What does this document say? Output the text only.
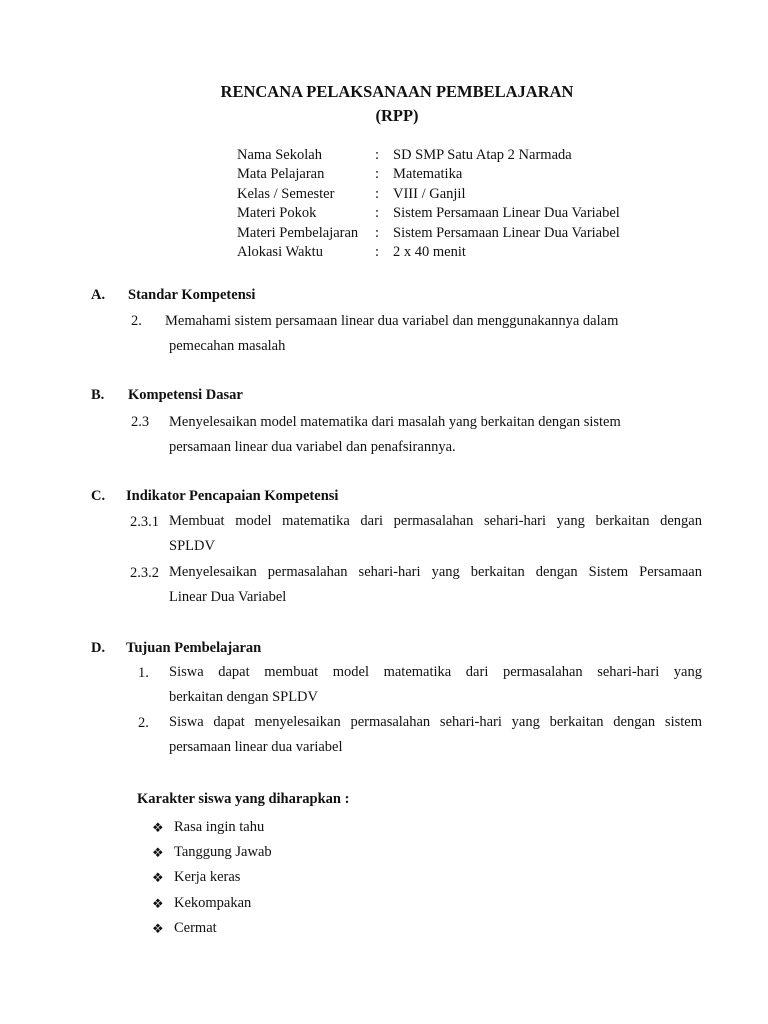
RENCANA PELAKSANAAN PEMBELAJARAN
(RPP)
Nama Sekolah	: SD SMP Satu Atap 2 Narmada
Mata Pelajaran	: Matematika
Kelas / Semester	: VIII / Ganjil
Materi Pokok	: Sistem Persamaan Linear Dua Variabel
Materi Pembelajaran : Sistem Persamaan Linear Dua Variabel
Alokasi Waktu	: 2 x 40 menit
A. Standar Kompetensi
2. Memahami sistem persamaan linear dua variabel dan menggunakannya dalam
pemecahan masalah
B. Kompetensi Dasar
2.3 Menyelesaikan model matematika dari masalah yang berkaitan dengan sistem
persamaan linear dua variabel dan penafsirannya.
C. Indikator Pencapaian Kompetensi
2.3.1 Membuat model matematika dari permasalahan sehari-hari yang berkaitan dengan
SPLDV
2.3.2 Menyelesaikan permasalahan sehari-hari yang berkaitan dengan Sistem Persamaan
Linear Dua Variabel
D. Tujuan Pembelajaran
1. Siswa dapat membuat model matematika dari permasalahan sehari-hari yang
berkaitan dengan SPLDV
2. Siswa dapat menyelesaikan permasalahan sehari-hari yang berkaitan dengan sistem
persamaan linear dua variabel
Karakter siswa yang diharapkan :
❖ Rasa ingin tahu
❖ Tanggung Jawab
❖ Kerja keras
❖ Kekompakan
❖ Cermat
